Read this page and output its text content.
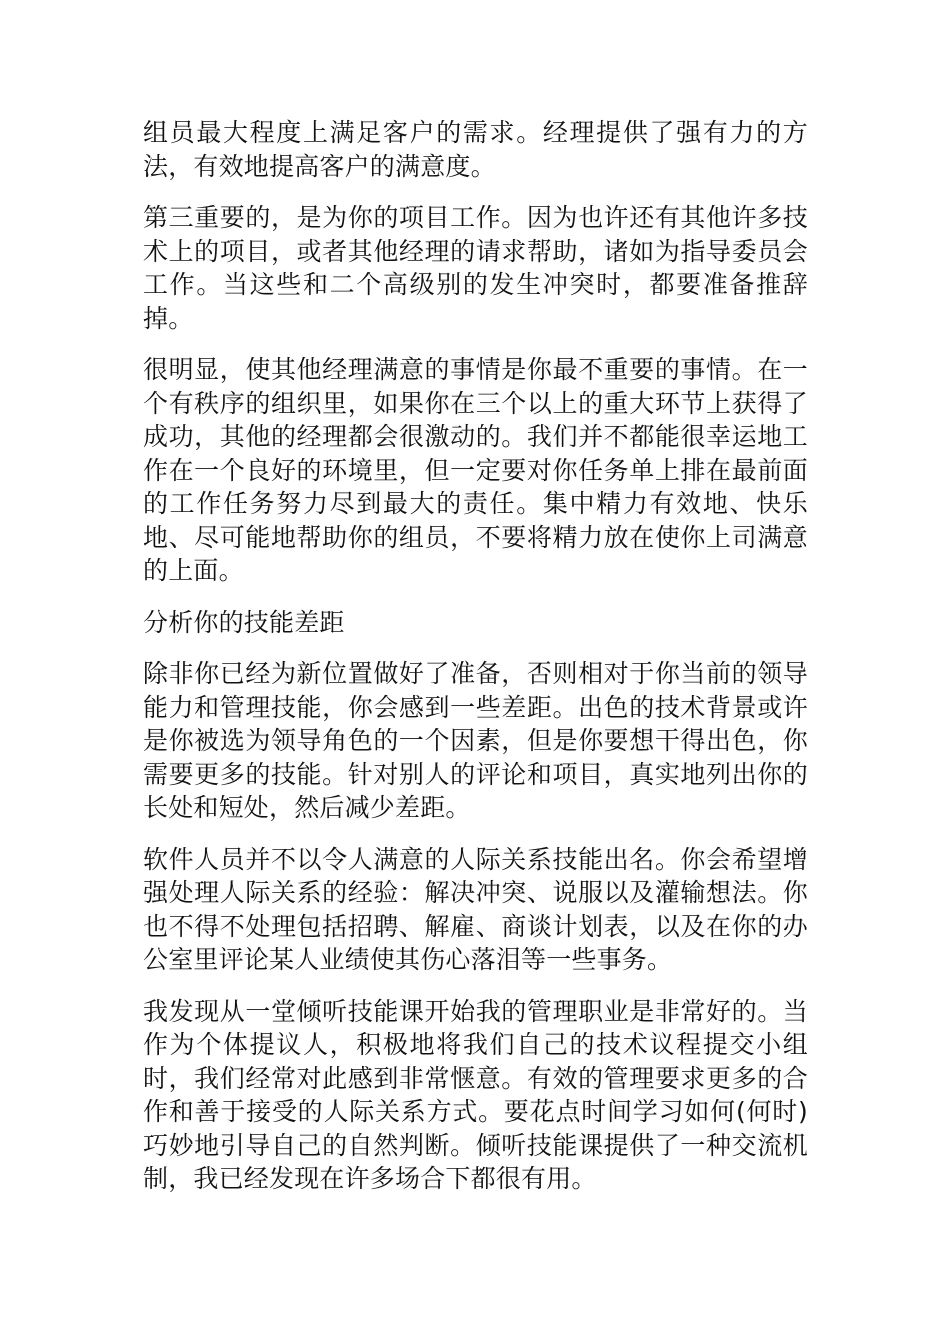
组员最大程度上满足客户的需求。经理提供了强有力的方法，有效地提高客户的满意度。

第三重要的，是为你的项目工作。因为也许还有其他许多技术上的项目，或者其他经理的请求帮助，诸如为指导委员会工作。当这些和二个高级别的发生冲突时，都要准备推辞掉。

很明显，使其他经理满意的事情是你最不重要的事情。在一个有秩序的组织里，如果你在三个以上的重大环节上获得了成功，其他的经理都会很激动的。我们并不都能很幸运地工作在一个良好的环境里，但一定要对你任务单上排在最前面的工作任务努力尽到最大的责任。集中精力有效地、快乐地、尽可能地帮助你的组员，不要将精力放在使你上司满意的上面。

分析你的技能差距

除非你已经为新位置做好了准备，否则相对于你当前的领导能力和管理技能，你会感到一些差距。出色的技术背景或许是你被选为领导角色的一个因素，但是你要想干得出色，你需要更多的技能。针对别人的评论和项目，真实地列出你的长处和短处，然后减少差距。

软件人员并不以令人满意的人际关系技能出名。你会希望增强处理人际关系的经验：解决冲突、说服以及灌输想法。你也不得不处理包括招聘、解雇、商谈计划表，以及在你的办公室里评论某人业绩使其伤心落泪等一些事务。

我发现从一堂倾听技能课开始我的管理职业是非常好的。当作为个体提议人，积极地将我们自己的技术议程提交小组时，我们经常对此感到非常惬意。有效的管理要求更多的合作和善于接受的人际关系方式。要花点时间学习如何(何时)巧妙地引导自己的自然判断。倾听技能课提供了一种交流机制，我已经发现在许多场合下都很有用。
